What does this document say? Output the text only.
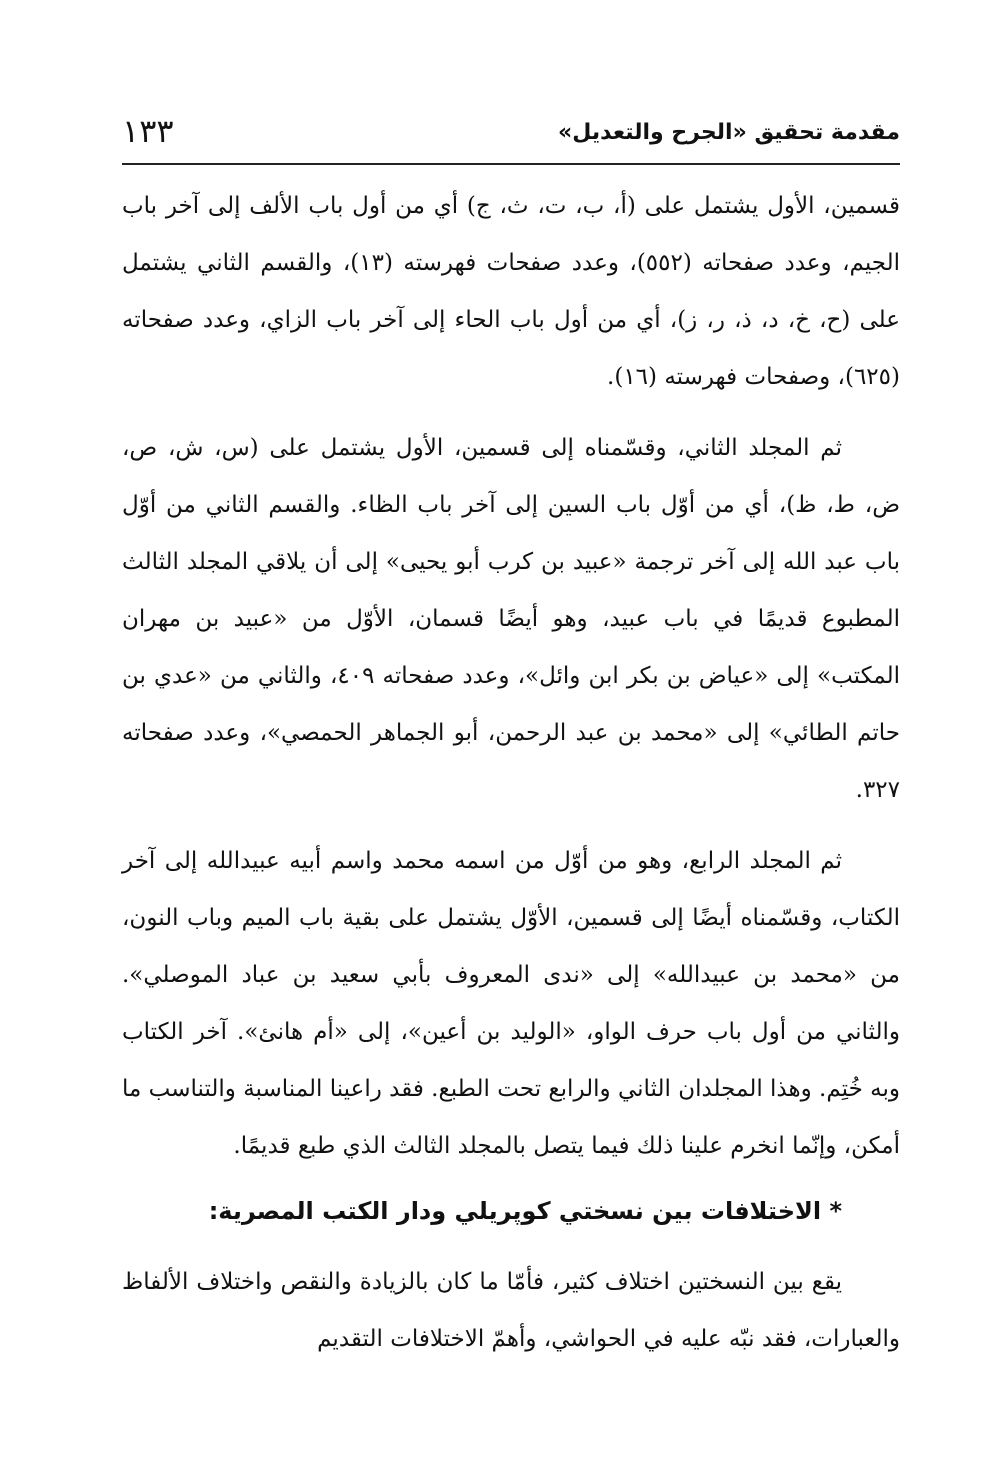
مقدمة تحقيق «الجرح والتعديل»
١٣٣

قسمين، الأول يشتمل على (أ، ب، ت، ث، ج) أي من أول باب الألف إلى آخر باب الجيم، وعدد صفحاته (٥٥٢)، وعدد صفحات فهرسته (١٣)، والقسم الثاني يشتمل على (ح، خ، د، ذ، ر، ز)، أي من أول باب الحاء إلى آخر باب الزاي، وعدد صفحاته (٦٢٥)، وصفحات فهرسته (١٦).

ثم المجلد الثاني، وقسّمناه إلى قسمين، الأول يشتمل على (س، ش، ص، ض، ط، ظ)، أي من أوّل باب السين إلى آخر باب الظاء. والقسم الثاني من أوّل باب عبد الله إلى آخر ترجمة «عبيد بن كرب أبو يحيى» إلى أن يلاقي المجلد الثالث المطبوع قديمًا في باب عبيد، وهو أيضًا قسمان، الأوّل من «عبيد بن مهران المكتب» إلى «عياض بن بكر ابن وائل»، وعدد صفحاته ٤٠٩، والثاني من «عدي بن حاتم الطائي» إلى «محمد بن عبد الرحمن، أبو الجماهر الحمصي»، وعدد صفحاته ٣٢٧.

ثم المجلد الرابع، وهو من أوّل من اسمه محمد واسم أبيه عبيدالله إلى آخر الكتاب، وقسّمناه أيضًا إلى قسمين، الأوّل يشتمل على بقية باب الميم وباب النون، من «محمد بن عبيدالله» إلى «ندى المعروف بأبي سعيد بن عباد الموصلي». والثاني من أول باب حرف الواو، «الوليد بن أعين»، إلى «أم هانئ». آخر الكتاب وبه خُتِم. وهذا المجلدان الثاني والرابع تحت الطبع. فقد راعينا المناسبة والتناسب ما أمكن، وإنّما انخرم علينا ذلك فيما يتصل بالمجلد الثالث الذي طبع قديمًا.

* الاختلافات بين نسختي كوپريلي ودار الكتب المصرية:

يقع بين النسختين اختلاف كثير، فأمّا ما كان بالزيادة والنقص واختلاف الألفاظ والعبارات، فقد نبّه عليه في الحواشي، وأهمّ الاختلافات التقديم
